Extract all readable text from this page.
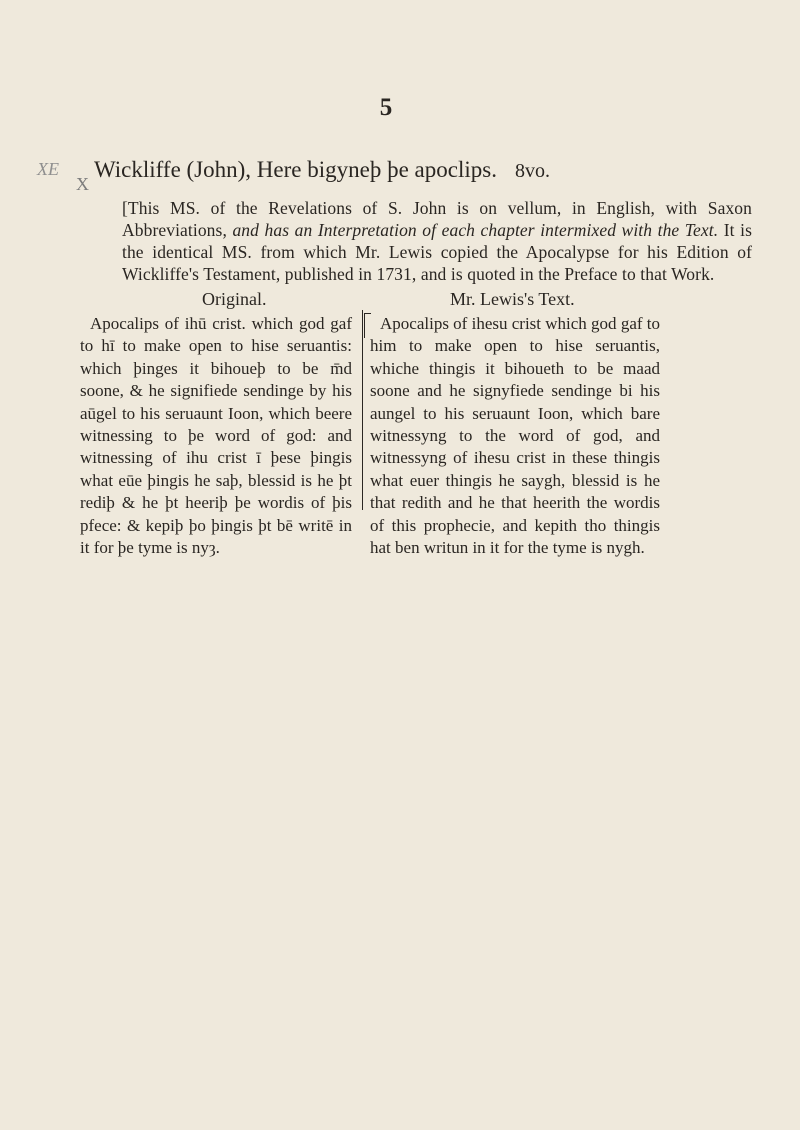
5
XE
X
Wickliffe (John), Here bigyneþ þe apoclips. 8vo.
[This MS. of the Revelations of S. John is on vellum, in English, with Saxon Abbreviations, and has an Interpretation of each chapter intermixed with the Text. It is the identical MS. from which Mr. Lewis copied the Apocalypse for his Edition of Wickliffe's Testament, published in 1731, and is quoted in the Preface to that Work.
Original.	Mr. Lewis's Text.

Apocalips of ihū crist. which god gaf to hī to make open to hise seruantis: which þinges it bihoueþ to be m̄d soone, & he signifiede sendinge by his aūgel to his seruaunt Ioon, which beere witnessing to þe word of god: and witnessing of ihu crist ī þese þingis what eūe þingis he saþ, blessid is he þt rediþ & he þt heeriþ þe wordis of þis pfece: & kepiþ þo þingis þt bē writē in it for þe tyme is nyȝ.

Apocalips of ihesu crist which god gaf to him to make open to hise seruantis, whiche thingis it bihoueth to be maad soone and he signyfiede sendinge bi his aungel to his seruaunt Ioon, which bare witnessyng to the word of god, and witnessyng of ihesu crist in these thingis what euer thingis he saygh, blessid is he that redith and he that heerith the wordis of this prophecie, and kepith tho thingis hat ben writun in it for the tyme is nygh.
